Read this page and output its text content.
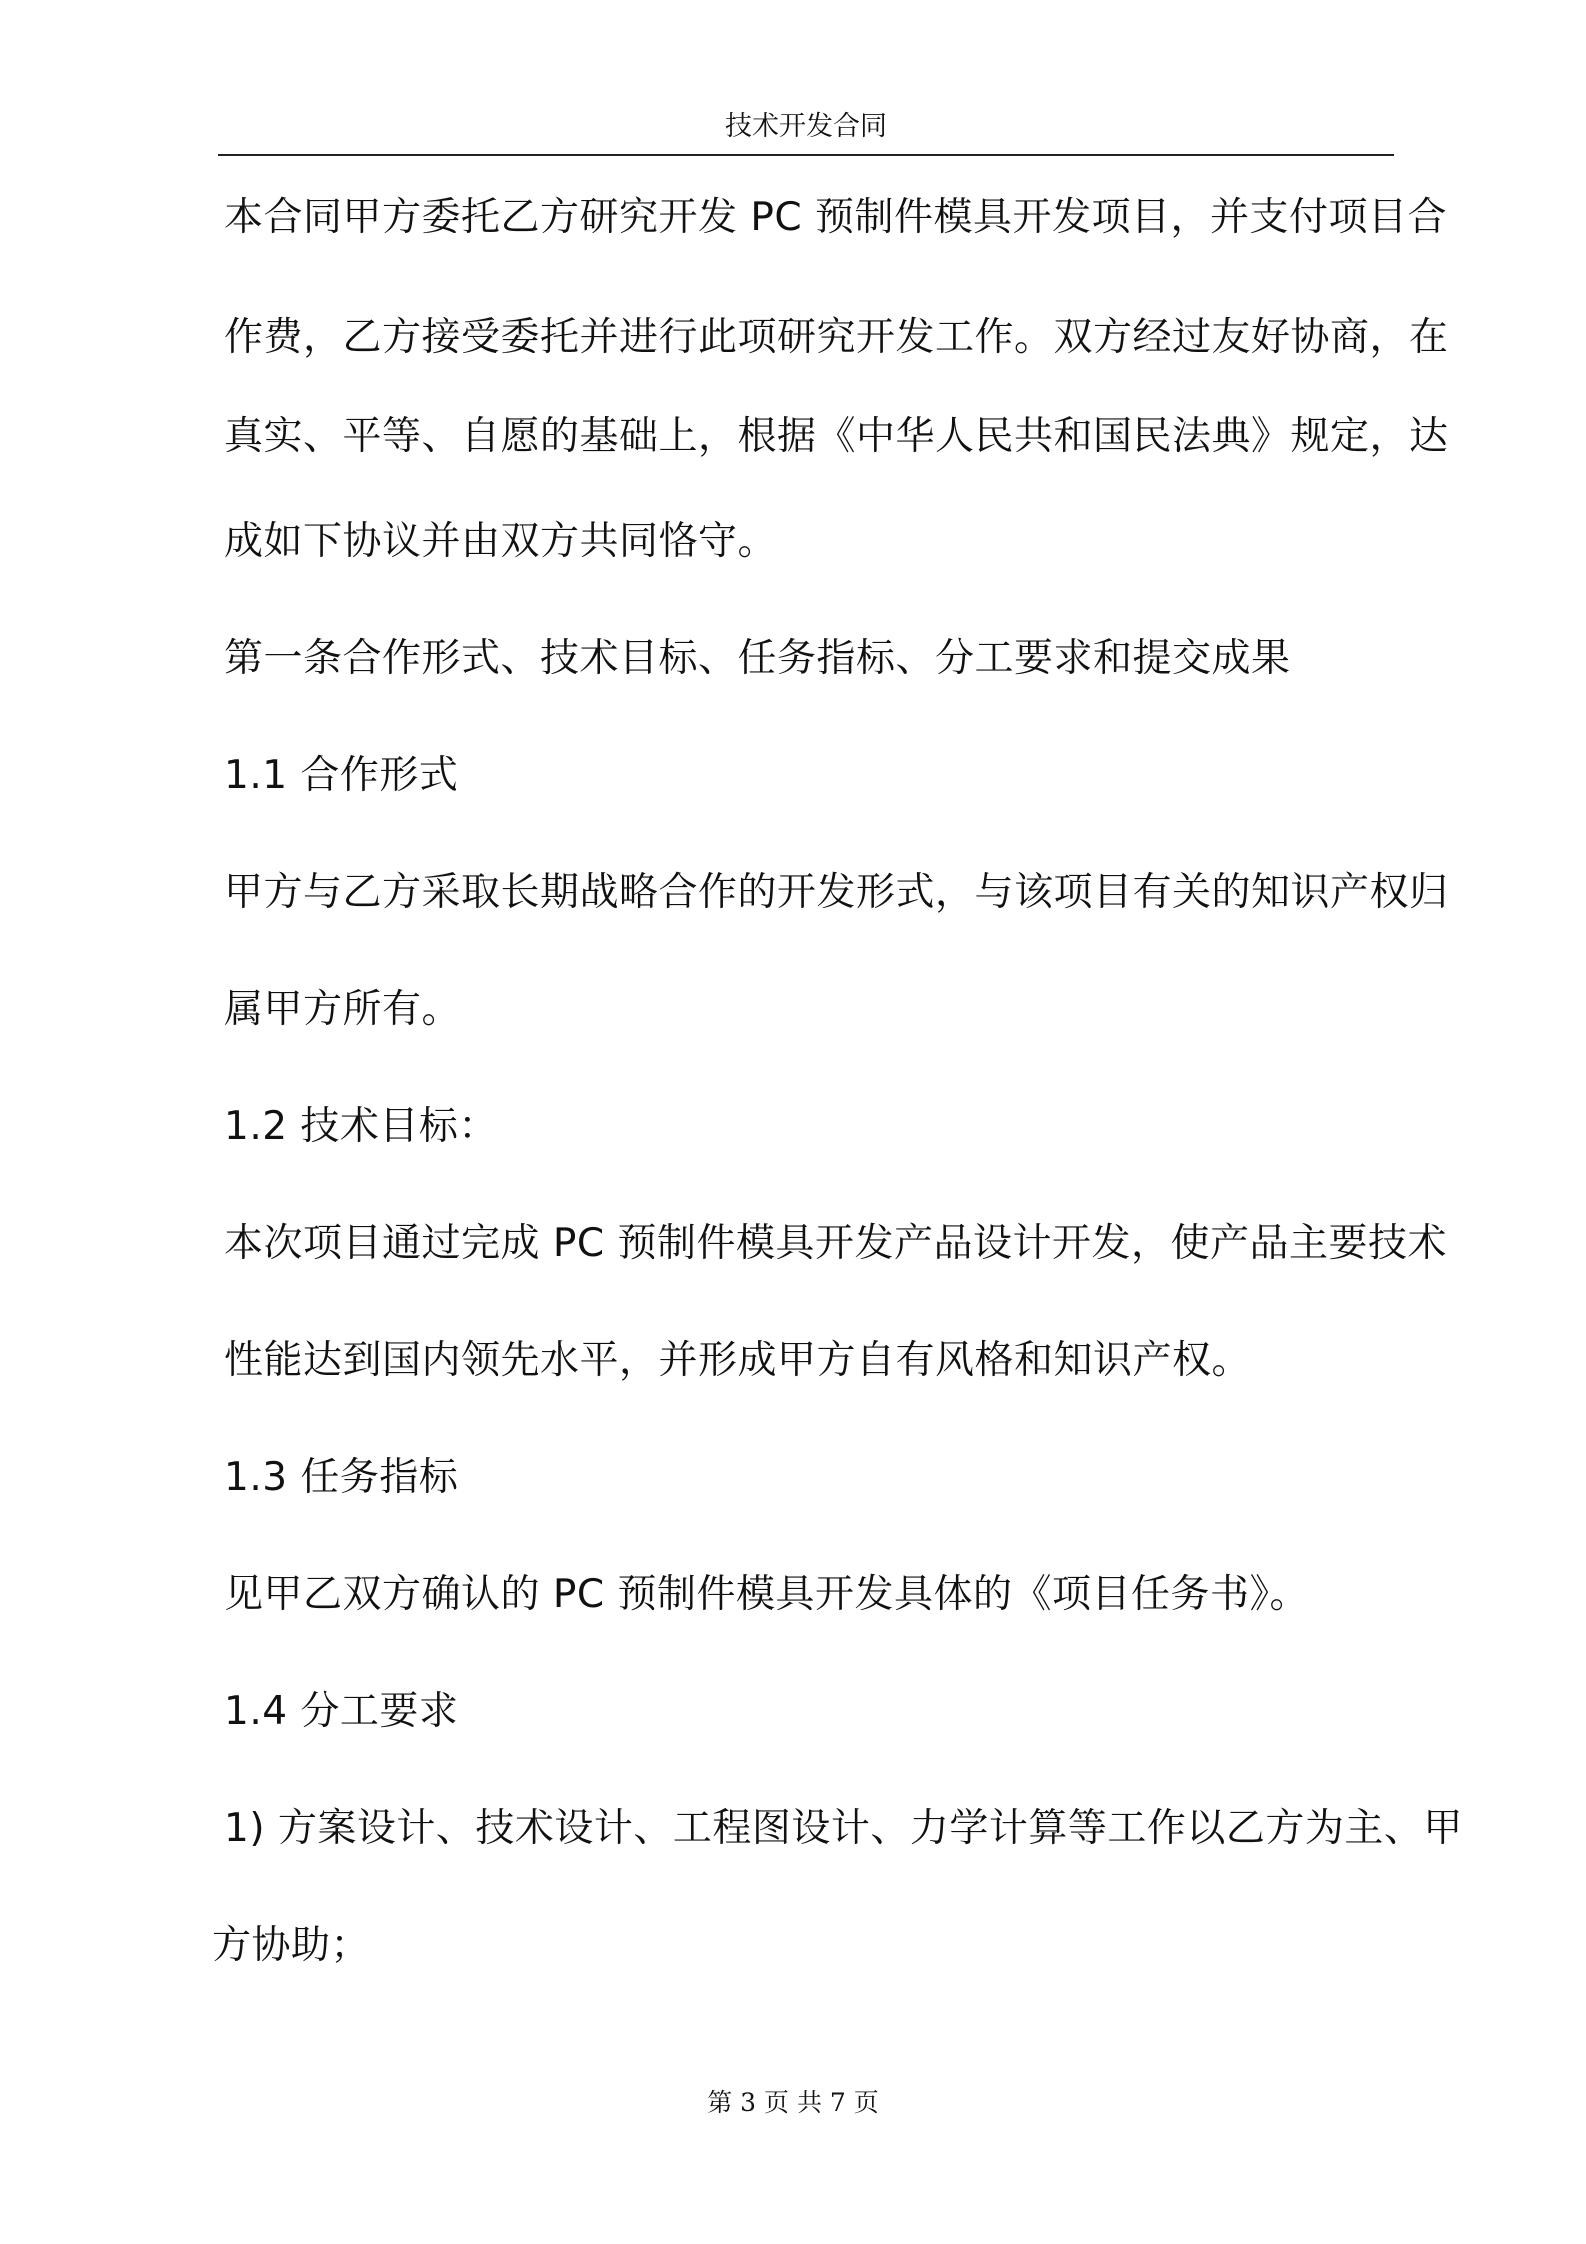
技术开发合同
本合同甲方委托乙方研究开发 PC 预制件模具开发项目，并支付项目合
作费，乙方接受委托并进行此项研究开发工作。双方经过友好协商，在
真实、平等、自愿的基础上，根据《中华人民共和国民法典》规定，达
成如下协议并由双方共同恪守。
第一条合作形式、技术目标、任务指标、分工要求和提交成果
1.1 合作形式
甲方与乙方采取长期战略合作的开发形式，与该项目有关的知识产权归
属甲方所有。
1.2 技术目标：
本次项目通过完成 PC 预制件模具开发产品设计开发，使产品主要技术
性能达到国内领先水平，并形成甲方自有风格和知识产权。
1.3 任务指标
见甲乙双方确认的 PC 预制件模具开发具体的《项目任务书》。
1.4 分工要求
1) 方案设计、技术设计、工程图设计、力学计算等工作以乙方为主、甲
方协助；
第 3 页 共 7 页
